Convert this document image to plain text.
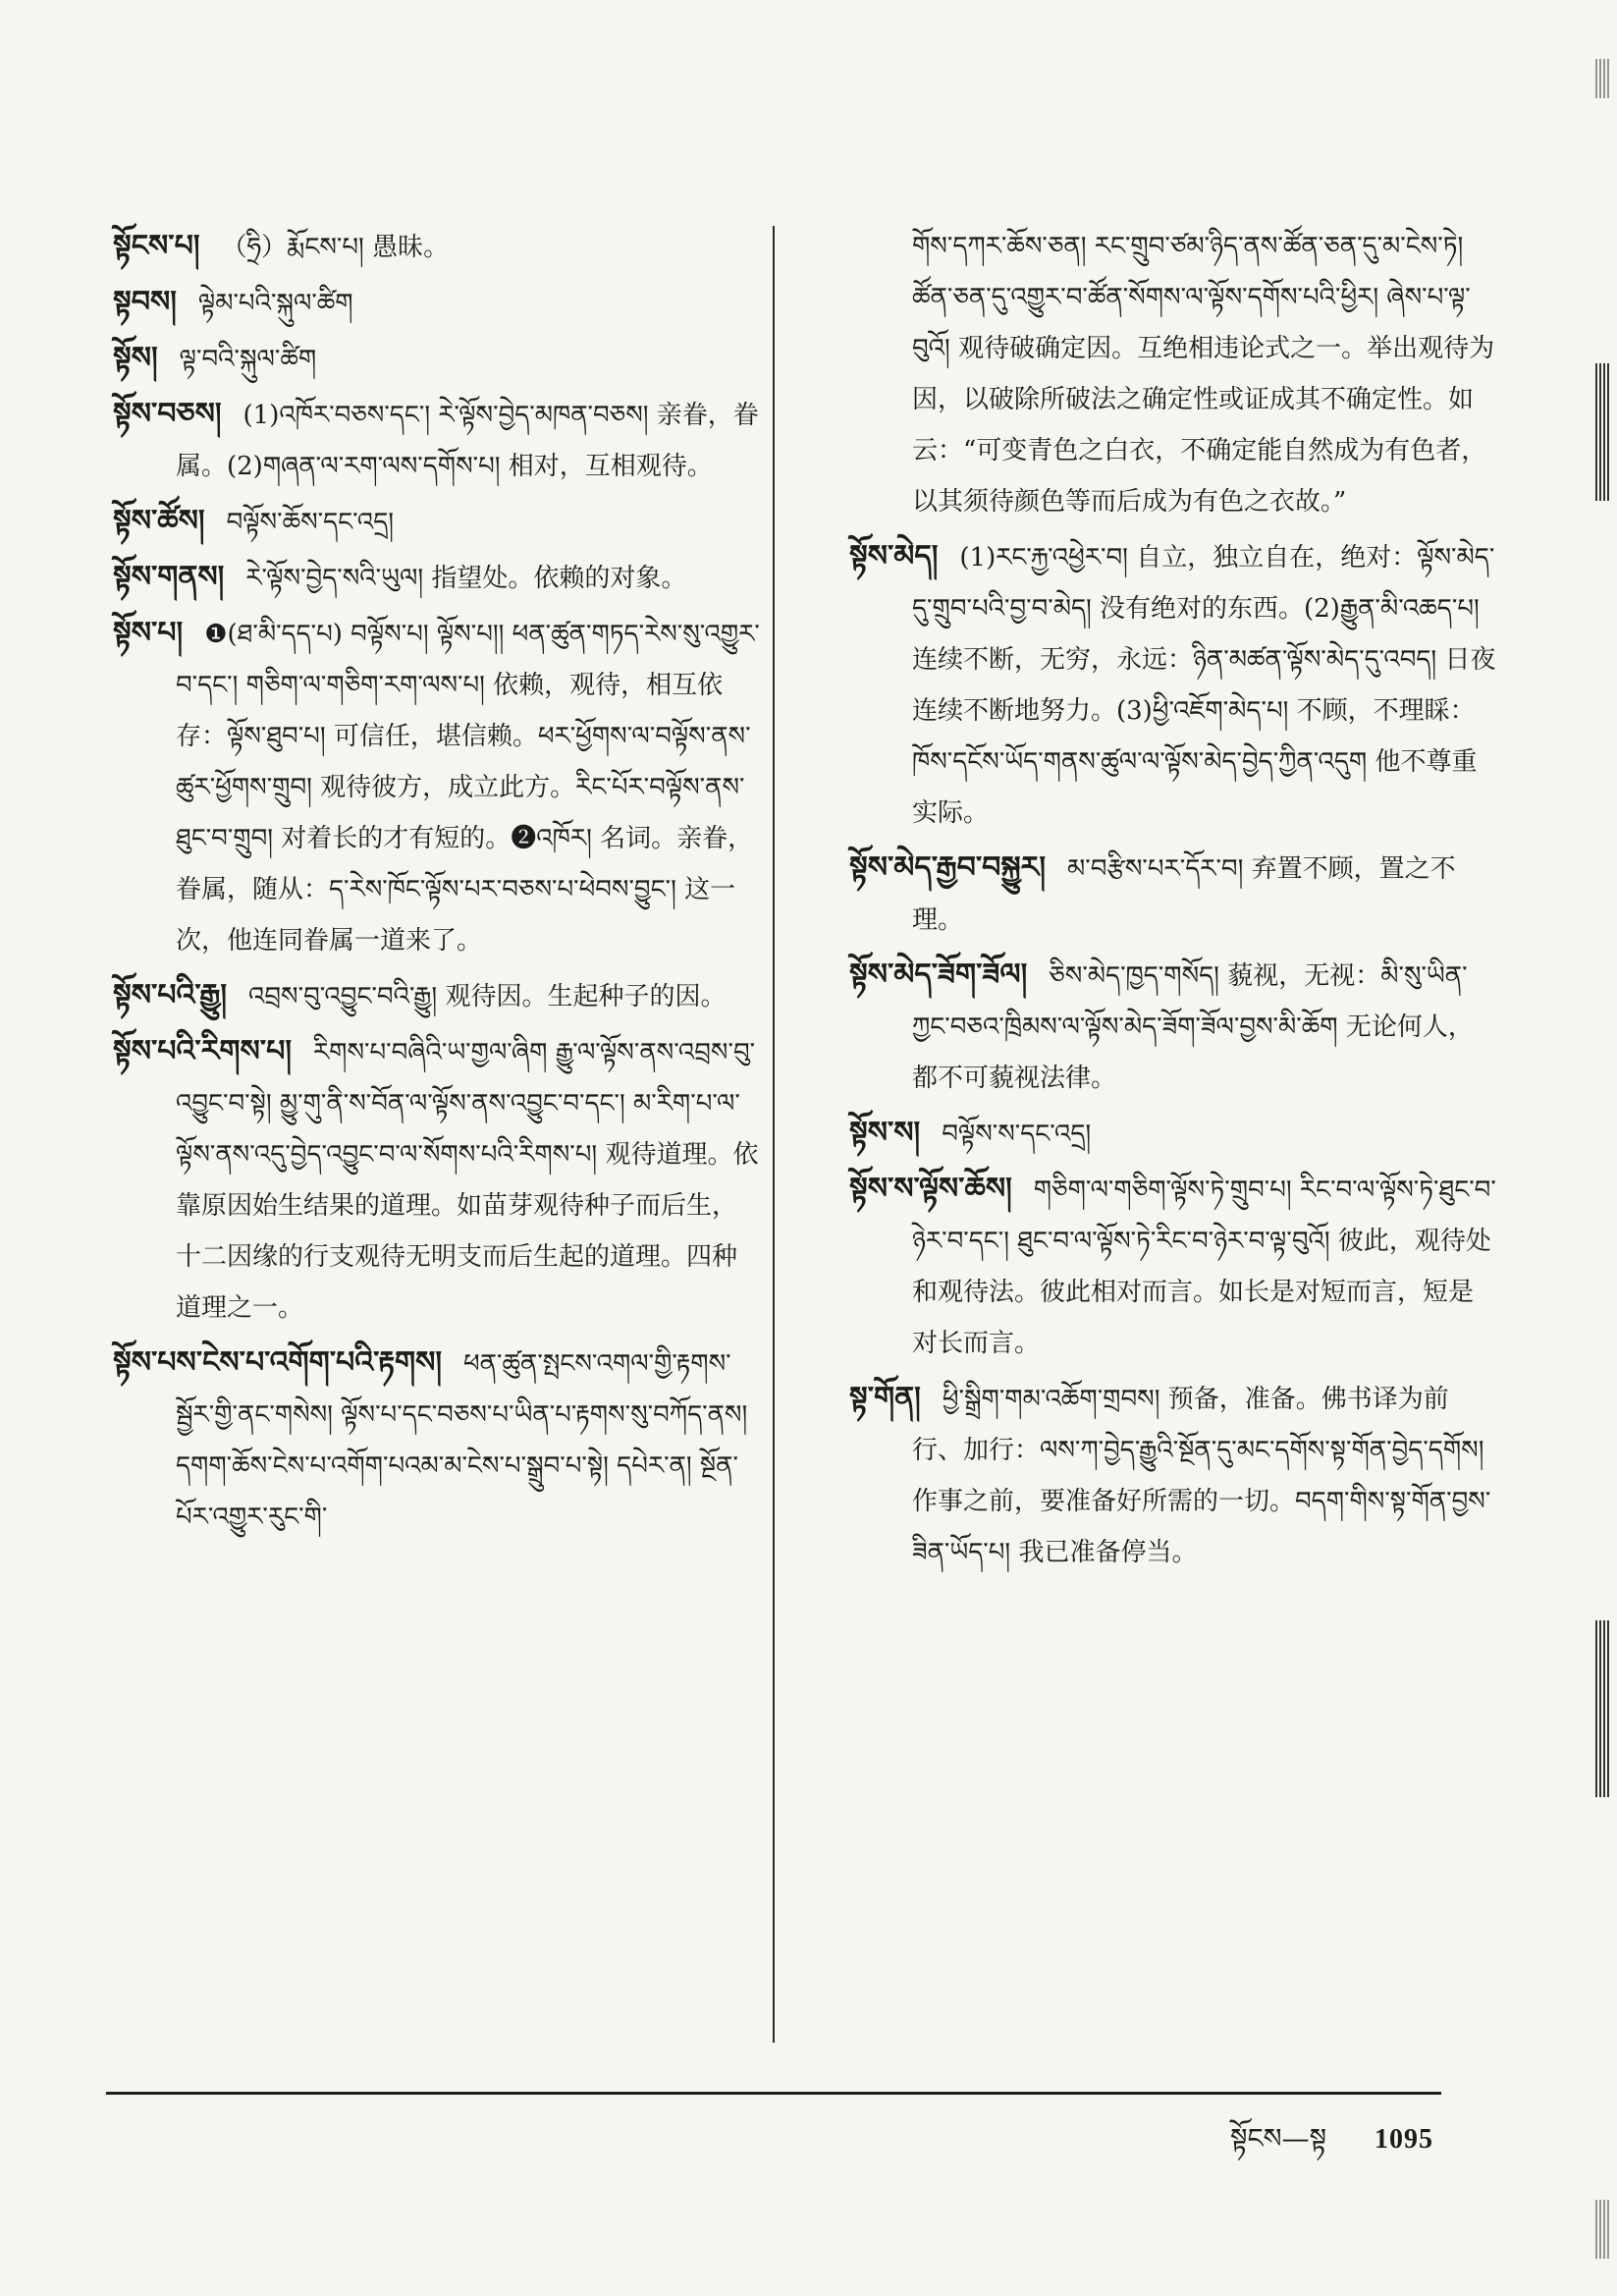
སྟོངས་པ། （ཧྲི）རྨོངས་པ། 愚昧。

སྟབས། ལྟེམ་པའི་སྐུལ་ཚིག

སྟོས། ལྟ་བའི་སྐུལ་ཚིག

སྟོས་བཅས། (1)འཁོར་བཅས་དང་། རེ་ལྟོས་བྱེད་མཁན་བཅས། 亲眷，眷属。(2)གཞན་ལ་རག་ལས་དགོས་པ། 相对，互相观待。

སྟོས་ཚོས། བལྟོས་ཆོས་དང་འདྲ།

སྟོས་གནས། རེ་ལྟོས་བྱེད་སའི་ཡུལ། 指望处。依赖的对象。

སྟོས་པ། ❶(ཐ་མི་དད་པ) བལྟོས་པ། ལྟོས་པ།། ཕན་ཚུན་གཏད་རེས་སུ་འགྱུར་བ་དང་། གཅིག་ལ་གཅིག་རག་ལས་པ། 依赖，观待，相互依存：ལྟོས་ཐུབ་པ། 可信任，堪信赖。ཕར་ཕྱོགས་ལ་བལྟོས་ནས་ཚུར་ཕྱོགས་གྲུབ། 观待彼方，成立此方。རིང་པོར་བལྟོས་ནས་ཐུང་བ་གྲུབ། 对着长的才有短的。❷འཁོར། 名词。亲眷，眷属，随从：ད་རེས་ཁོང་ལྟོས་པར་བཅས་པ་ཕེབས་བྱུང་། 这一次，他连同眷属一道来了。

སྟོས་པའི་རྒྱུ། འབྲས་བུ་འབྱུང་བའི་རྒྱུ། 观待因。生起种子的因。

སྟོས་པའི་རིགས་པ། རིགས་པ་བཞིའི་ཡ་གྱལ་ཞིག རྒྱུ་ལ་ལྟོས་ནས་འབྲས་བུ་འབྱུང་བ་སྟེ། མྱུ་གུ་ནི་ས་བོན་ལ་ལྟོས་ནས་འབྱུང་བ་དང་། མ་རིག་པ་ལ་ལྟོས་ནས་འདུ་བྱེད་འབྱུང་བ་ལ་སོགས་པའི་རིགས་པ། 观待道理。依靠原因始生结果的道理。如苗芽观待种子而后生，十二因缘的行支观待无明支而后生起的道理。四种道理之一。

སྟོས་པས་ངེས་པ་འགོག་པའི་རྟགས། ཕན་ཚུན་སྤངས་འགལ་གྱི་རྟགས་སྦྱོར་གྱི་ནང་གསེས། ལྟོས་པ་དང་བཅས་པ་ཡིན་པ་རྟགས་སུ་བཀོད་ནས། དགག་ཆོས་ངེས་པ་འགོག་པའམ་མ་ངེས་པ་སྒྲུབ་པ་སྟེ། དཔེར་ན། སྔོན་པོར་འགྱུར་རུང་གི་

གོས་དཀར་ཆོས་ཅན། རང་གྲུབ་ཙམ་ཉིད་ནས་ཚོན་ཅན་དུ་མ་ངེས་ཏེ། ཚོན་ཅན་དུ་འགྱུར་བ་ཚོན་སོགས་ལ་ལྟོས་དགོས་པའི་ཕྱིར། ཞེས་པ་ལྟ་བུའོ། 观待破确定因。互绝相违论式之一。举出观待为因，以破除所破法之确定性或证成其不确定性。如云：“可变青色之白衣，不确定能自然成为有色者，以其须待颜色等而后成为有色之衣故。”

སྟོས་མེད། (1)རང་རྐྱ་འཕྱེར་བ། 自立，独立自在，绝对：ལྟོས་མེད་དུ་གྲུབ་པའི་བྱ་བ་མེད། 没有绝对的东西。(2)རྒྱུན་མི་འཆད་པ། 连续不断，无穷，永远：ཉིན་མཚན་ལྟོས་མེད་དུ་འབད། 日夜连续不断地努力。(3)ཕྱི་འཇོག་མེད་པ། 不顾，不理睬：ཁོས་དངོས་ཡོད་གནས་ཚུལ་ལ་ལྟོས་མེད་བྱེད་ཀྱིན་འདུག 他不尊重实际。

སྟོས་མེད་རྒྱབ་བསྐྱུར། མ་བརྩིས་པར་དོར་བ། 弃置不顾，置之不理。

སྟོས་མེད་ཟོག་ཟོལ། ཅིས་མེད་ཁྱད་གསོད། 藐视，无视：མི་སུ་ཡིན་ཀྱང་བཅའ་ཁྲིམས་ལ་ལྟོས་མེད་ཟོག་ཟོལ་བྱས་མི་ཆོག 无论何人，都不可藐视法律。

སྟོས་ས། བལྟོས་ས་དང་འདྲ།

སྟོས་ས་ལྟོས་ཆོས། གཅིག་ལ་གཅིག་ལྟོས་ཏེ་གྲུབ་པ། རིང་བ་ལ་ལྟོས་ཏེ་ཐུང་བ་ཉེར་བ་དང་། ཐུང་བ་ལ་ལྟོས་ཏེ་རིང་བ་ཉེར་བ་ལྟ་བུའོ། 彼此，观待处和观待法。彼此相对而言。如长是对短而言，短是对长而言。

སྟ་གོན། ཕྱི་སྒྲིག་གམ་འཆོག་གྲབས། 预备，准备。佛书译为前行、加行：ལས་ཀ་བྱེད་རྒྱུའི་སྔོན་དུ་མང་དགོས་སྟ་གོན་བྱེད་དགོས། 作事之前，要准备好所需的一切。བདག་གིས་སྟ་གོན་བྱས་ཟིན་ཡོད་པ། 我已准备停当。

སྟོངས—སྟ 1095
